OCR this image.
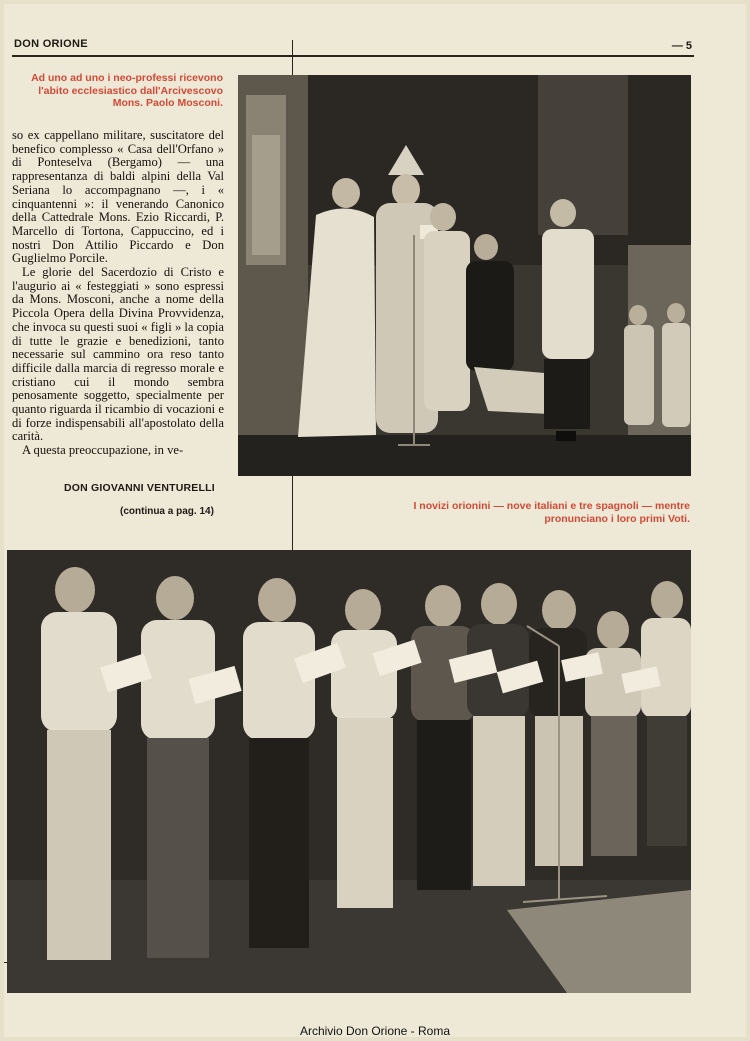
DON ORIONE	— 5

Ad uno ad uno i neo-professi ricevono l'abito ecclesiastico dall'Arcivescovo Mons. Paolo Mosconi.

so ex cappellano militare, suscitatore del benefico complesso « Casa dell'Orfano » di Ponteselva (Bergamo) — una rappresentanza di baldi alpini della Val Seriana lo accompagnano —, i « cinquantenni »: il venerando Canonico della Cattedrale Mons. Ezio Riccardi, P. Marcello di Tortona, Cappuccino, ed i nostri Don Attilio Piccardo e Don Guglielmo Porcile.

Le glorie del Sacerdozio di Cristo e l'augurio ai « festeggiati » sono espressi da Mons. Mosconi, anche a nome della Piccola Opera della Divina Provvidenza, che invoca su questi suoi « figli » la copia di tutte le grazie e benedizioni, tanto necessarie sul cammino ora reso tanto difficile dalla marcia di regresso morale e cristiano cui il mondo sembra penosamente soggetto, specialmente per quanto riguarda il ricambio di vocazioni e di forze indispensabili all'apostolato della carità.

A questa preoccupazione, in ve-

DON GIOVANNI VENTURELLI
(continua a pag. 14)	I novizi orionini — nove italiani e tre spagnoli — mentre pronunciano i loro primi Voti.

Archivio Don Orione - Roma
